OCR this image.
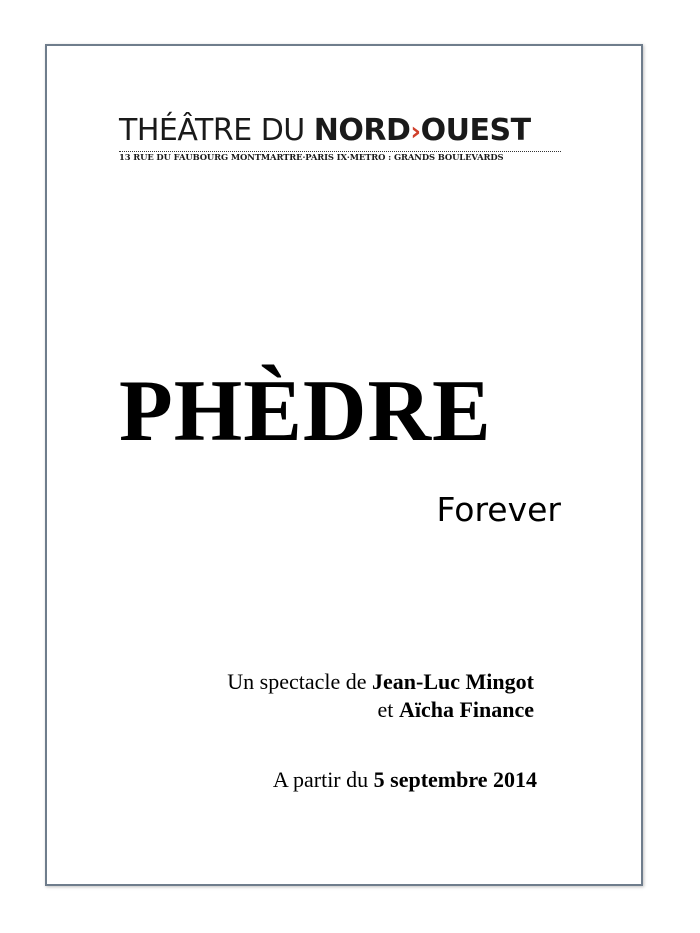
THÉÂTRE DU NORD›OUEST
13 RUE DU FAUBOURG MONTMARTRE·PARIS IX·METRO : GRANDS BOULEVARDS
PHÈDRE
Forever
Un spectacle de Jean-Luc Mingot
et Aïcha Finance
A partir du 5 septembre 2014
